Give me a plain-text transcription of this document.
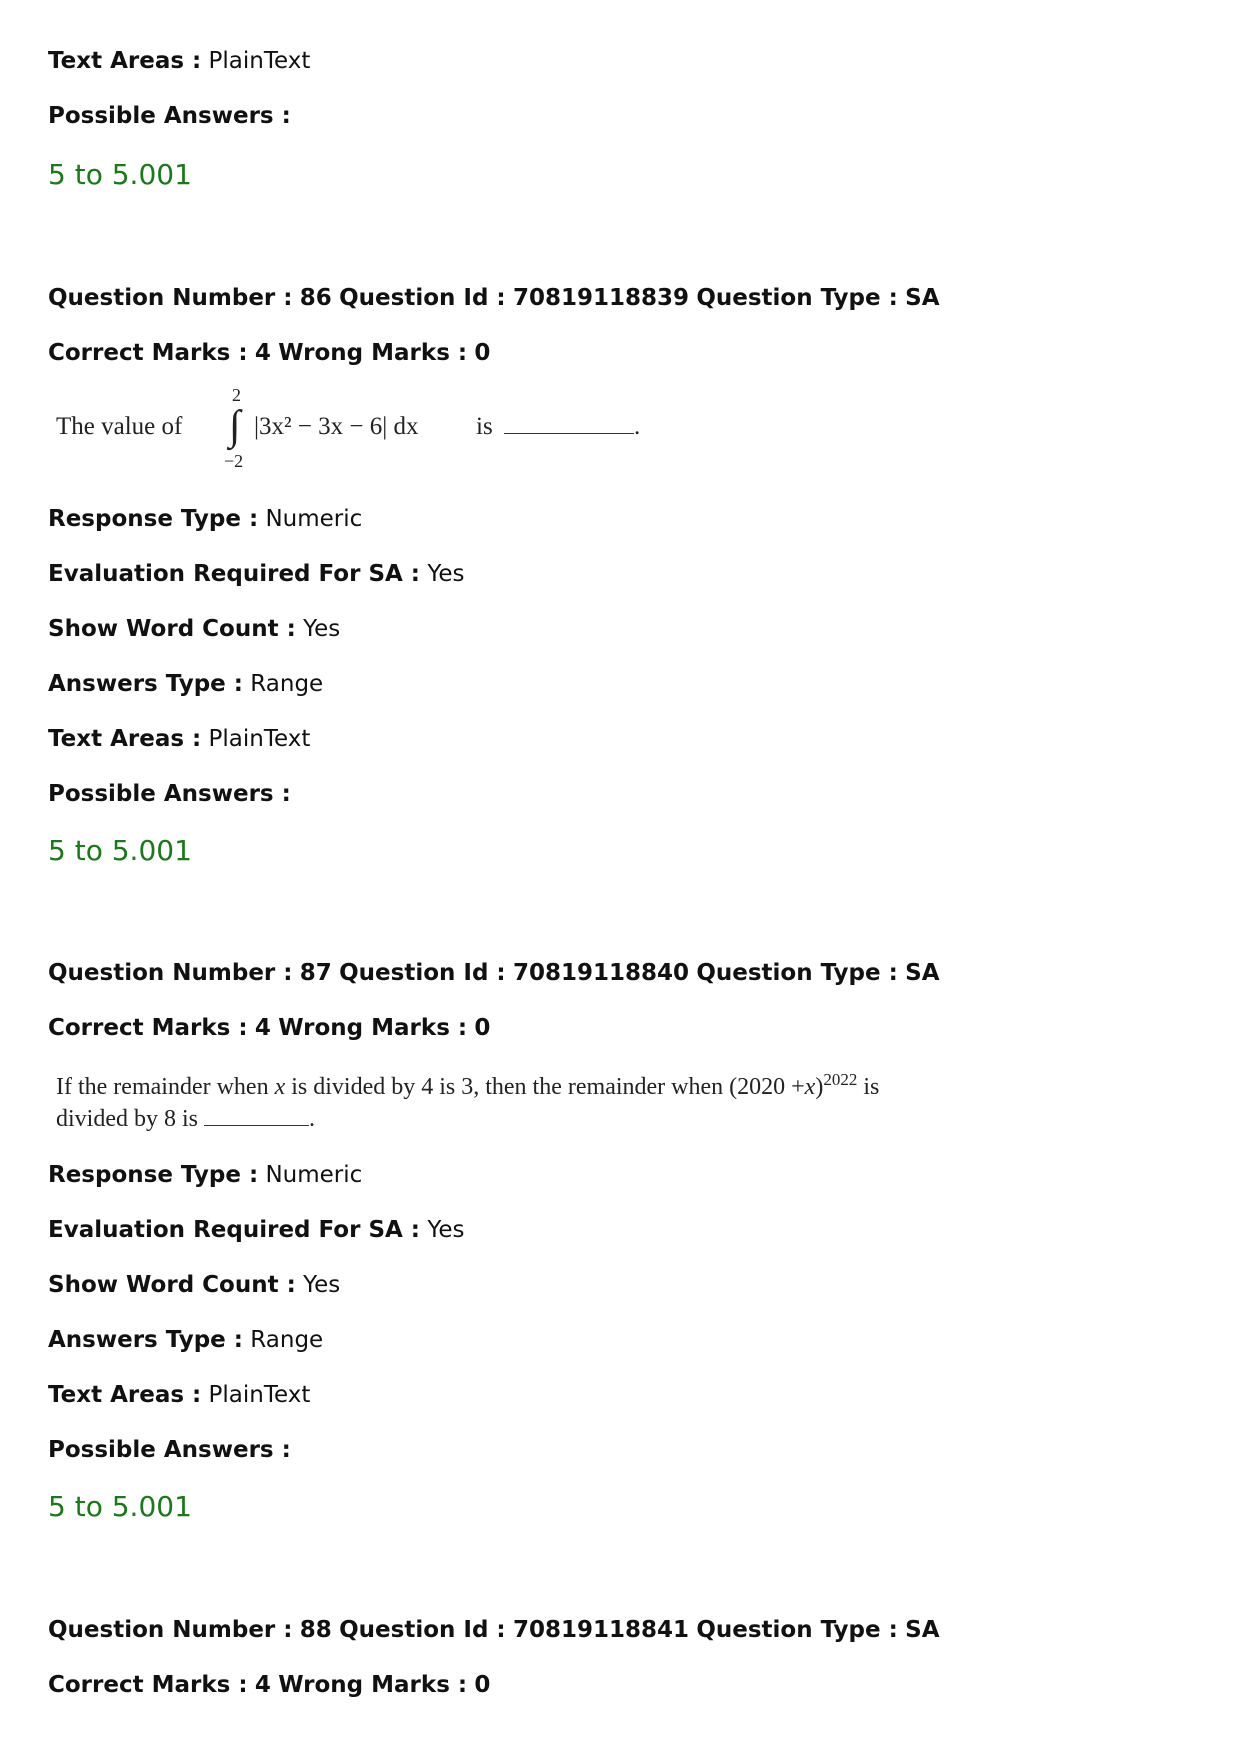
Text Areas : PlainText
Possible Answers :
5 to 5.001
Question Number : 86 Question Id : 70819118839 Question Type : SA
Correct Marks : 4 Wrong Marks : 0
The value of
2
∫
−2
|3x² − 3x − 6| dx is	.
Response Type : Numeric
Evaluation Required For SA : Yes
Show Word Count : Yes
Answers Type : Range
Text Areas : PlainText
Possible Answers :
5 to 5.001
Question Number : 87 Question Id : 70819118840 Question Type : SA
Correct Marks : 4 Wrong Marks : 0
If the remainder when x is divided by 4 is 3, then the remainder when $(2020 +x)^{2022}$ is
divided by 8 is	.
Response Type : Numeric
Evaluation Required For SA : Yes
Show Word Count : Yes
Answers Type : Range
Text Areas : PlainText
Possible Answers :
5 to 5.001
Question Number : 88 Question Id : 70819118841 Question Type : SA
Correct Marks : 4 Wrong Marks : 0
